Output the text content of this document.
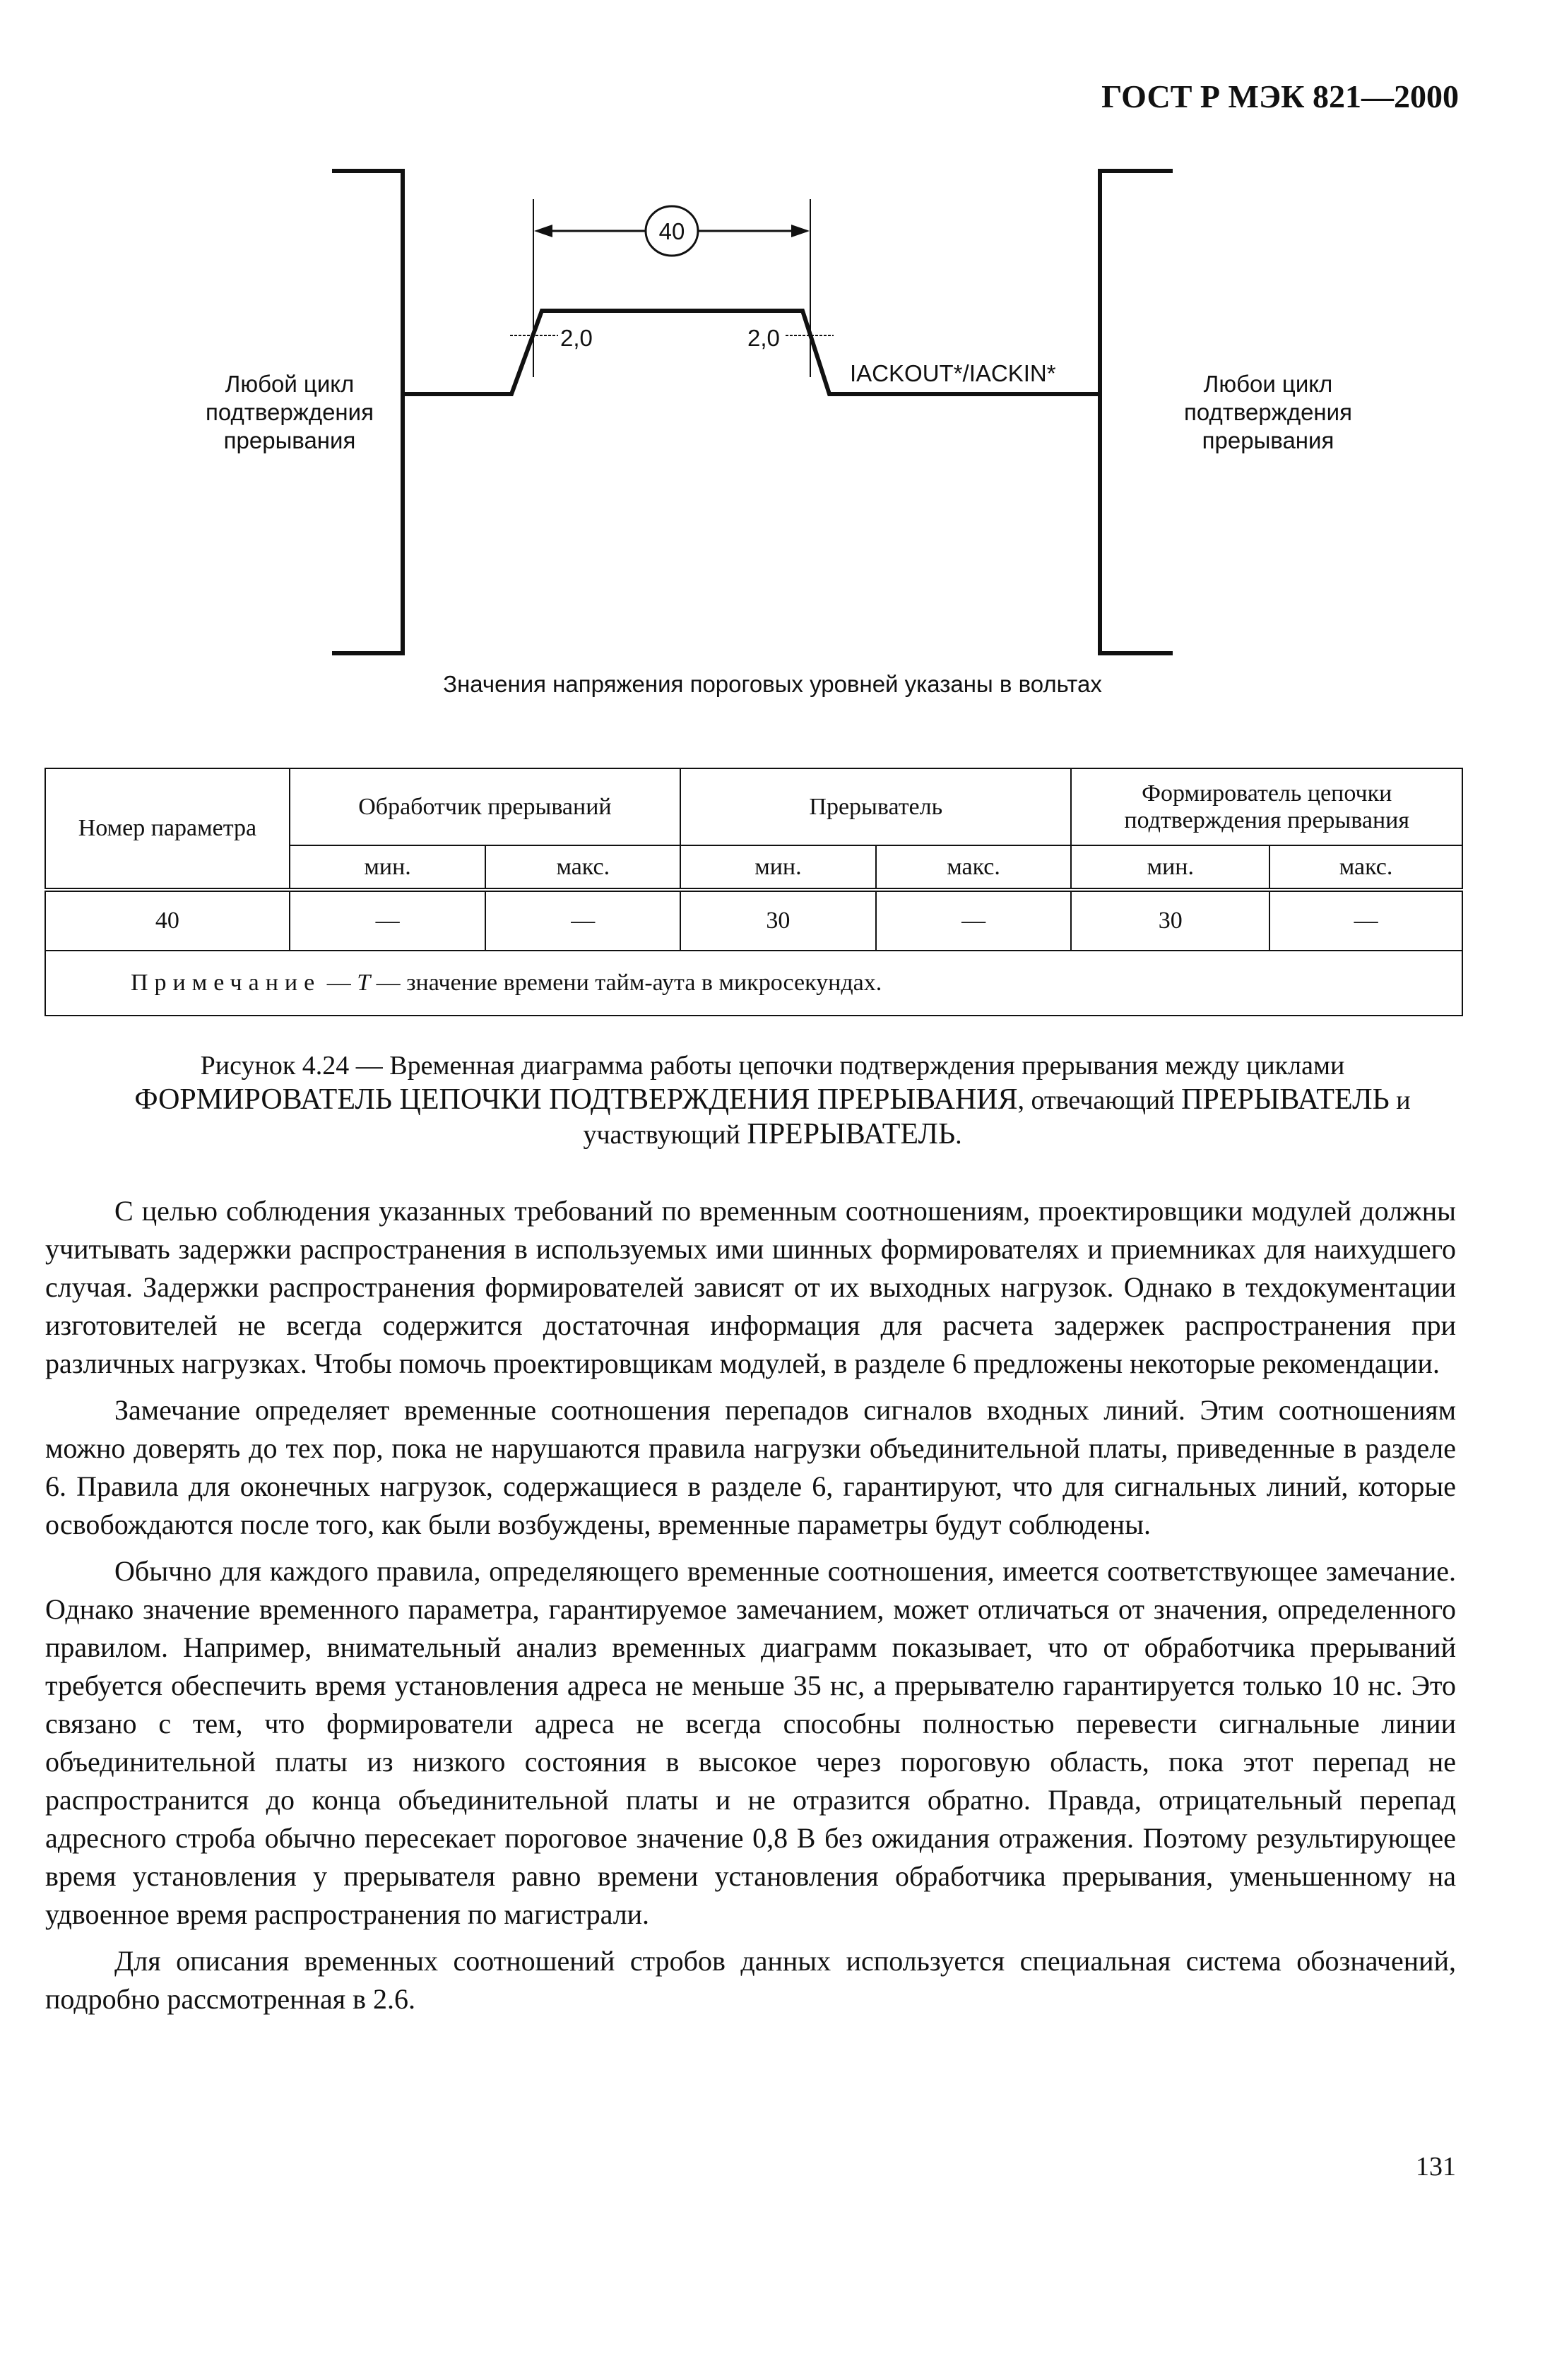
ГОСТ Р МЭК 821—2000
40
2,0	2,0
IACKOUT*/IACKIN*
Любой цикл
подтверждения
прерывания
Любои цикл
подтверждения
прерывания
Значения напряжения пороговых уровней указаны в вольтах
Номер параметра	Обработчик прерываний		Прерыватель		Формирователь цепочки подтверждения прерывания	
	мин.	макс.	мин.	макс.	мин.	макс.
40	—	—	30	—	30	—
Примечание — T — значение времени тайм-аута в микросекундах.						
Рисунок 4.24 — Временная диаграмма работы цепочки подтверждения прерывания между циклами
ФОРМИРОВАТЕЛЬ ЦЕПОЧКИ ПОДТВЕРЖДЕНИЯ ПРЕРЫВАНИЯ, отвечающий ПРЕРЫВАТЕЛЬ и участвующий ПРЕРЫВАТЕЛЬ.

С целью соблюдения указанных требований по временным соотношениям, проектировщики модулей должны учитывать задержки распространения в используемых ими шинных формирователях и приемниках для наихудшего случая. Задержки распространения формирователей зависят от их выходных нагрузок. Однако в техдокументации изготовителей не всегда содержится достаточная информация для расчета задержек распространения при различных нагрузках. Чтобы помочь проектировщикам модулей, в разделе 6 предложены некоторые рекомендации.

Замечание определяет временные соотношения перепадов сигналов входных линий. Этим соотношениям можно доверять до тех пор, пока не нарушаются правила нагрузки объединительной платы, приведенные в разделе 6. Правила для оконечных нагрузок, содержащиеся в разделе 6, гарантируют, что для сигнальных линий, которые освобождаются после того, как были возбуждены, временные параметры будут соблюдены.

Обычно для каждого правила, определяющего временные соотношения, имеется соответствующее замечание. Однако значение временного параметра, гарантируемое замечанием, может отличаться от значения, определенного правилом. Например, внимательный анализ временных диаграмм показывает, что от обработчика прерываний требуется обеспечить время установления адреса не меньше 35 нс, а прерывателю гарантируется только 10 нс. Это связано с тем, что формирователи адреса не всегда способны полностью перевести сигнальные линии объединительной платы из низкого состояния в высокое через пороговую область, пока этот перепад не распространится до конца объединительной платы и не отразится обратно. Правда, отрицательный перепад адресного строба обычно пересекает пороговое значение 0,8 В без ожидания отражения. Поэтому результирующее время установления у прерывателя равно времени установления обработчика прерывания, уменьшенному на удвоенное время распространения по магистрали.

Для описания временных соотношений стробов данных используется специальная система обозначений, подробно рассмотренная в 2.6.

131
